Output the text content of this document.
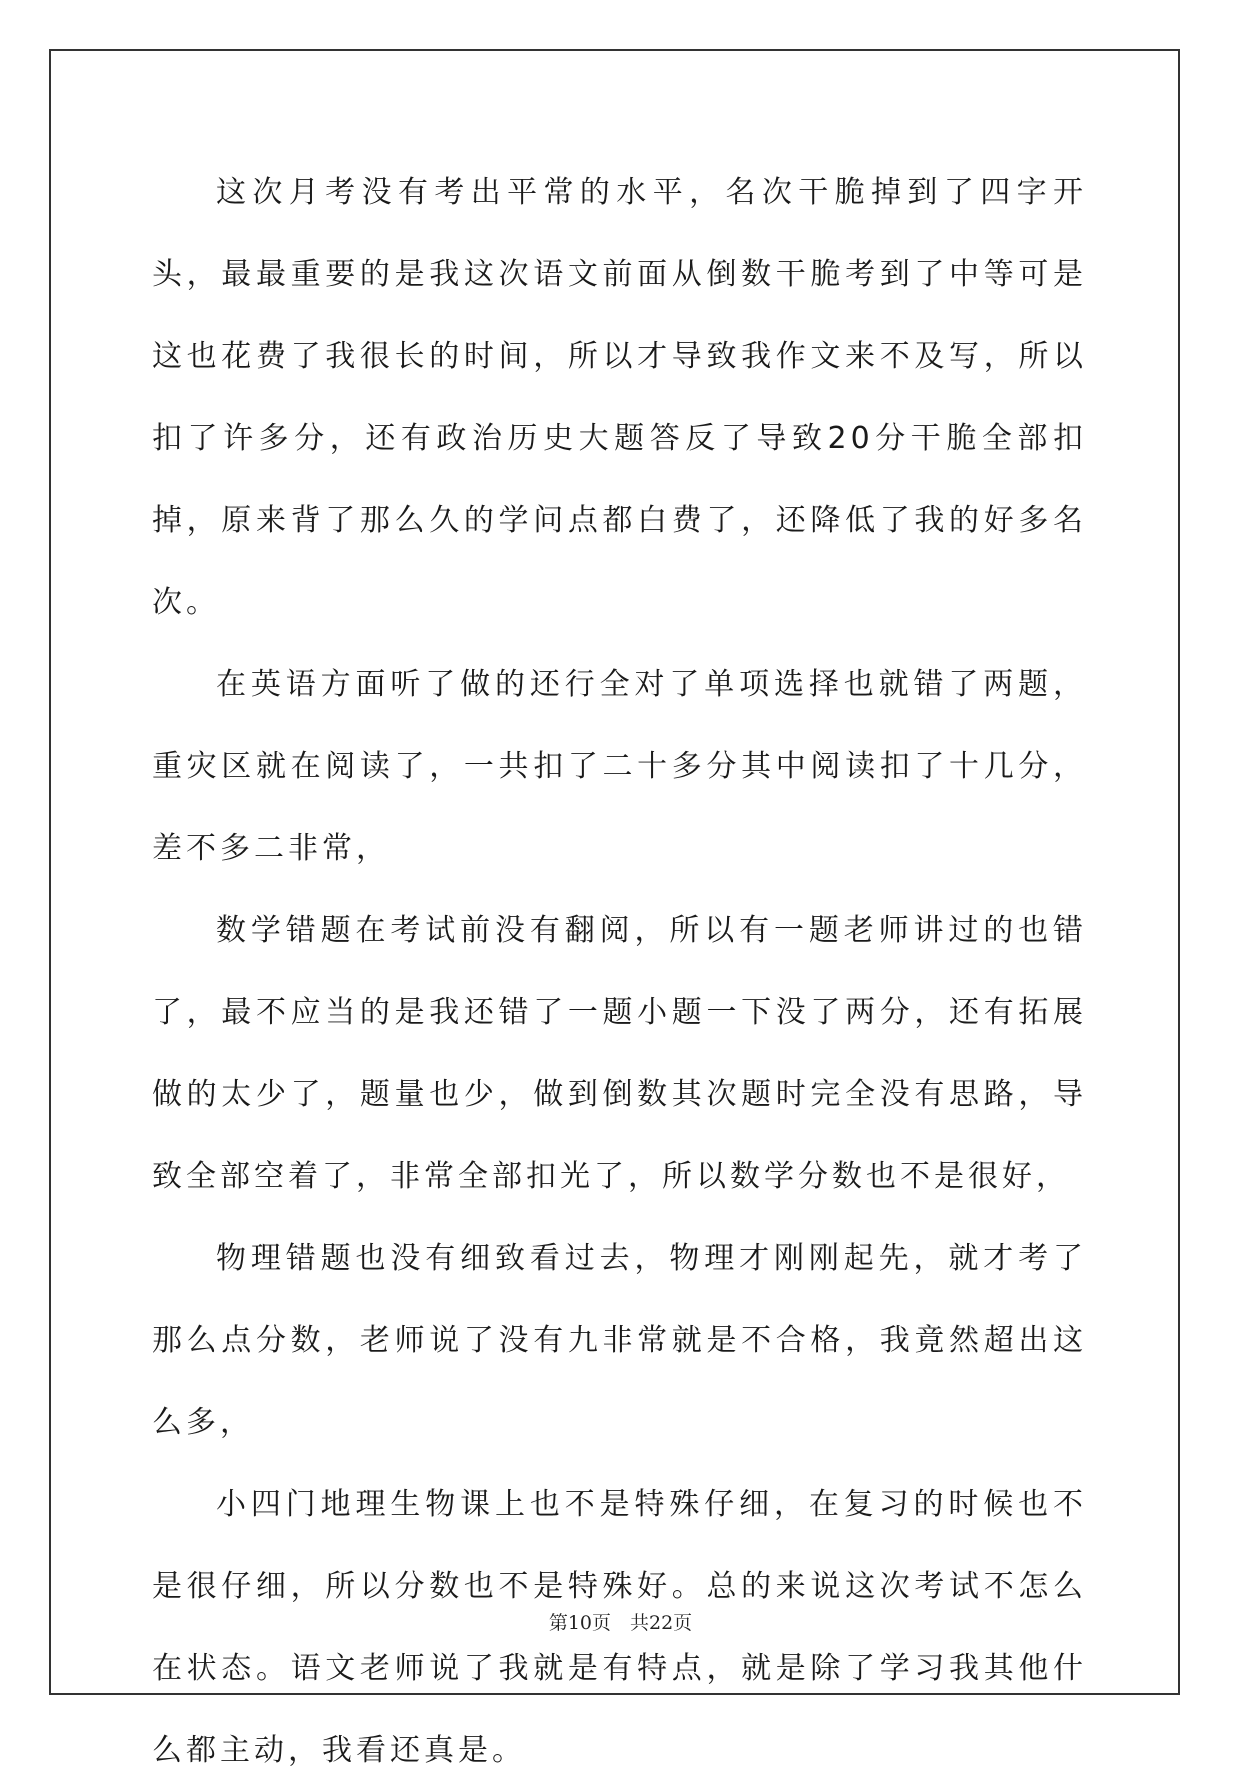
这次月考没有考出平常的水平，名次干脆掉到了四字开头，最最重要的是我这次语文前面从倒数干脆考到了中等可是这也花费了我很长的时间，所以才导致我作文来不及写，所以扣了许多分，还有政治历史大题答反了导致20分干脆全部扣掉，原来背了那么久的学问点都白费了，还降低了我的好多名次。

在英语方面听了做的还行全对了单项选择也就错了两题，重灾区就在阅读了，一共扣了二十多分其中阅读扣了十几分，差不多二非常，

数学错题在考试前没有翻阅，所以有一题老师讲过的也错了，最不应当的是我还错了一题小题一下没了两分，还有拓展做的太少了，题量也少，做到倒数其次题时完全没有思路，导致全部空着了，非常全部扣光了，所以数学分数也不是很好，

物理错题也没有细致看过去，物理才刚刚起先，就才考了那么点分数，老师说了没有九非常就是不合格，我竟然超出这么多，

小四门地理生物课上也不是特殊仔细，在复习的时候也不是很仔细，所以分数也不是特殊好。总的来说这次考试不怎么在状态。语文老师说了我就是有特点，就是除了学习我其他什么都主动，我看还真是。

第10页　共22页
